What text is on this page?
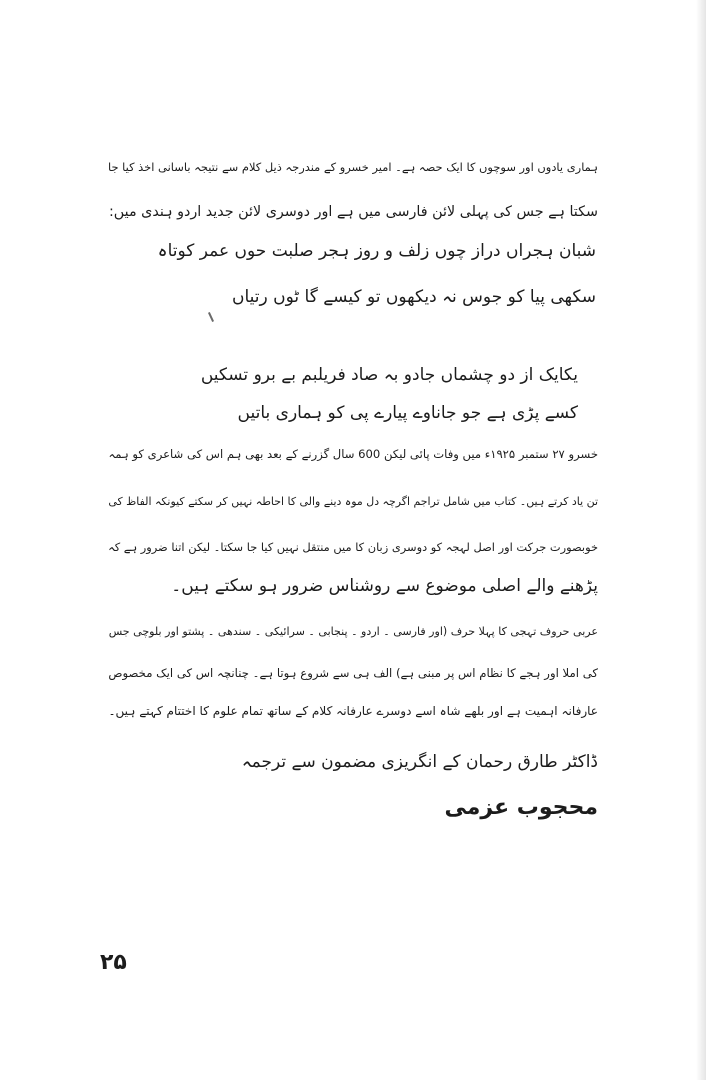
ہماری یادوں اور سوچوں کا ایک حصہ ہے۔ امیر خسرو کے مندرجہ ذیل کلام سے نتیجہ باسانی اخذ کیا جا
سکتا ہے جس کی پہلی لائن فارسی میں ہے اور دوسری لائن جدید اردو ہندی میں:
شبان ہجراں دراز چوں زلف و روز ہجر صلبت حوں عمر کوتاہ
سکھی پیا کو جوس نہ دیکھوں تو کیسے گا ٹوں رتیاں
یکایک از دو چشماں جادو بہ صاد فریلبم بے برو تسکیں
کسے پڑی ہے جو جاناوے پیارے پی کو ہماری باتیں
خسرو ۲۷ ستمبر ۱۹۲۵ء میں وفات پائی لیکن 600 سال گزرنے کے بعد بھی ہم اس کی شاعری کو ہمہ
تن یاد کرتے ہیں۔ کتاب میں شامل تراجم اگرچہ دل موہ دینے والی کا احاطہ نہیں کر سکتے کیونکہ الفاظ کی
خوبصورت جرکت اور اصل لہجہ کو دوسری زبان کا میں منتقل نہیں کیا جا سکتا۔ لیکن اتنا ضرور ہے کہ
پڑھنے والے اصلی موضوع سے روشناس ضرور ہو سکتے ہیں۔
عربی حروف تہجی کا پہلا حرف (اور فارسی ۔ اردو ۔ پنجابی ۔ سرائیکی ۔ سندھی ۔ پشتو اور بلوچی جس
کی املا اور ہجے کا نظام اس پر مبنی ہے) الف ہی سے شروع ہوتا ہے۔ چنانچہ اس کی ایک مخصوص
عارفانہ اہمیت ہے اور بلھے شاہ اسے دوسرے عارفانہ کلام کے ساتھ تمام علوم کا اختتام کہتے ہیں۔
ڈاکٹر طارق رحمان کے انگریزی مضمون سے ترجمہ
محجوب عزمی
۲۵
